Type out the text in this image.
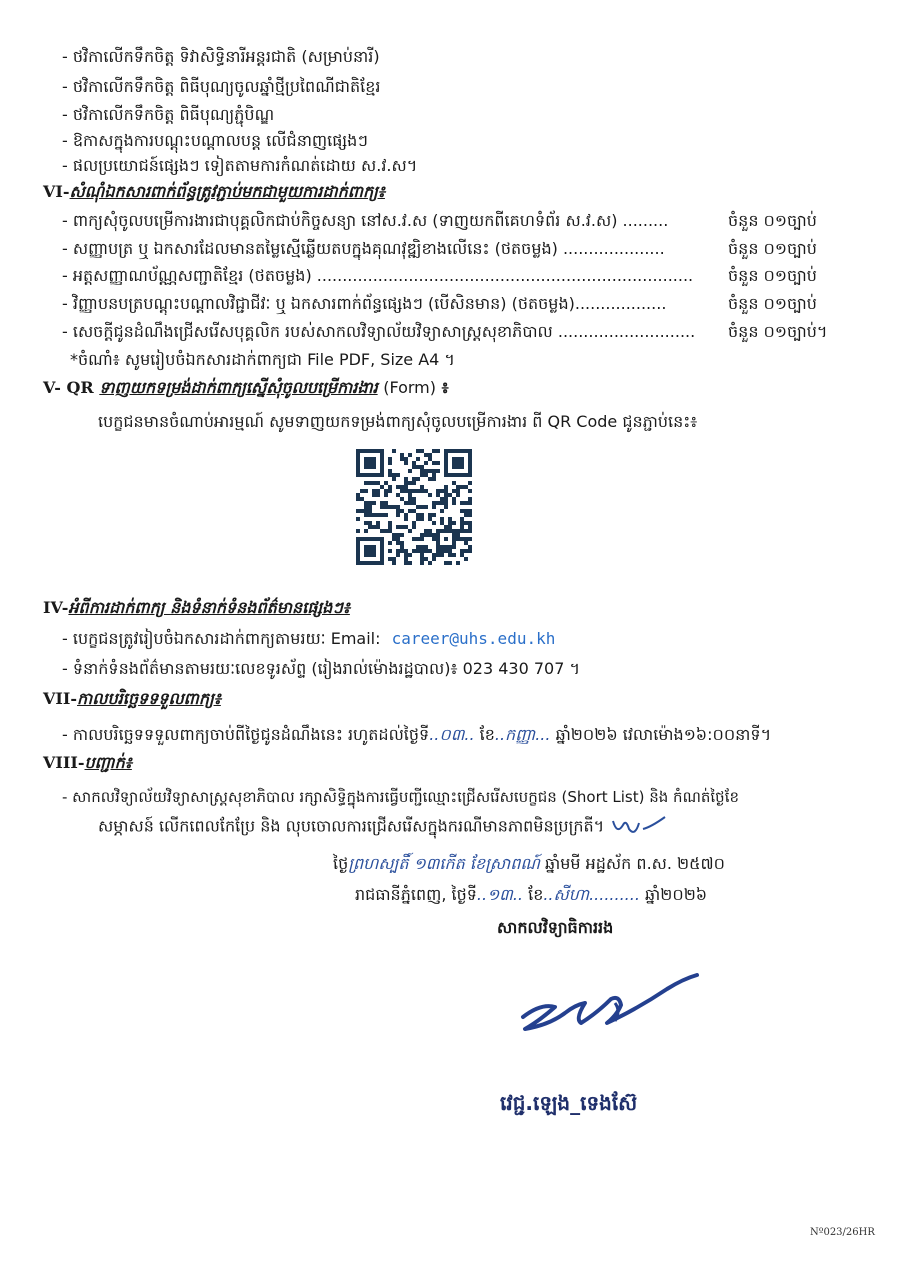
- ថវិកាលើកទឹកចិត្ត ទិវាសិទ្ធិនារីអន្តរជាតិ (សម្រាប់នារី)
- ថវិកាលើកទឹកចិត្ត ពិធីបុណ្យចូលឆ្នាំថ្មីប្រពៃណីជាតិខ្មែរ
- ថវិកាលើកទឹកចិត្ត ពិធីបុណ្យភ្ជុំបិណ្ឌ
- ឱកាសក្នុងការបណ្តុះបណ្តាលបន្ត លើជំនាញផ្សេងៗ
- ផលប្រយោជន៍ផ្សេងៗ ទៀតតាមការកំណត់ដោយ ស.វ.ស។
VI-សំណុំឯកសារពាក់ព័ន្ធត្រូវភ្ជាប់មកជាមួយការដាក់ពាក្យ៖
- ពាក្យសុំចូលបម្រើការងារជាបុគ្គលិកជាប់កិច្ចសន្យា នៅស.វ.ស (ទាញយកពីគេហទំព័រ ស.វ.ស) .........	ចំនួន ០១ច្បាប់
- សញ្ញាបត្រ ឬ ឯកសារដែលមានតម្លៃស្មើឆ្លើយតបក្នុងគុណវុឌ្ឍិខាងលើនេះ (ថតចម្លង) ....................	ចំនួន ០១ច្បាប់
- អត្តសញ្ញាណប័ណ្ណសញ្ជាតិខ្មែរ (ថតចម្លង) ..........................................................................	ចំនួន ០១ច្បាប់
- វិញ្ញាបនបត្របណ្តុះបណ្តាលវិជ្ជាជីវៈ ឬ ឯកសារពាក់ព័ន្ធផ្សេងៗ (បើសិនមាន) (ថតចម្លង)..................	ចំនួន ០១ច្បាប់
- សេចក្តីជូនដំណឹងជ្រើសរើសបុគ្គលិក របស់សាកលវិទ្យាល័យវិទ្យាសាស្ត្រសុខាភិបាល ...........................	ចំនួន ០១ច្បាប់។
*ចំណាំ៖ សូមរៀបចំឯកសារដាក់ពាក្យជា File PDF, Size A4 ។
V- QR ទាញយកទម្រង់ដាក់ពាក្យស្នើសុំចូលបម្រើការងារ (Form) ៖
បេក្ខជនមានចំណាប់អារម្មណ៍ សូមទាញយកទម្រង់ពាក្យសុំចូលបម្រើការងារ ពី QR Code ជូនភ្ជាប់នេះ៖
IV-អំពីការដាក់ពាក្យ និងទំនាក់ទំនងព័ត៌មានផ្សេងៗ៖
- បេក្ខជនត្រូវរៀបចំឯកសារដាក់ពាក្យតាមរយៈ Email: career@uhs.edu.kh
- ទំនាក់ទំនងព័ត៌មានតាមរយៈលេខទូរស័ព្ទ (រៀងរាល់ម៉ោងរដ្ឋបាល)៖ 023 430 707 ។
VII-កាលបរិច្ឆេទទទួលពាក្យ៖
- កាលបរិច្ឆេទទទួលពាក្យចាប់ពីថ្ងៃជូនដំណឹងនេះ រហូតដល់ថ្ងៃទី..០៣.. ខែ..កញ្ញា... ឆ្នាំ២០២៦ វេលាម៉ោង១៦:០០នាទី។
VIII-បញ្ជាក់៖
- សាកលវិទ្យាល័យវិទ្យាសាស្ត្រសុខាភិបាល រក្សាសិទ្ធិក្នុងការធ្វើបញ្ជីឈ្មោះជ្រើសរើសបេក្ខជន (Short List) និង កំណត់ថ្ងៃខែ
សម្ភាសន៍ លើកពេលកែប្រែ និង លុបចោលការជ្រើសរើសក្នុងករណីមានភាពមិនប្រក្រតី។
ថ្ងៃព្រហស្បតិ៍ ១៣កើត ខែស្រាពណ៍ ឆ្នាំមមី អដ្ឋស័ក ព.ស. ២៥៧០
រាជធានីភ្នំពេញ, ថ្ងៃទី..១៣.. ខែ..សីហា.......... ឆ្នាំ២០២៦
សាកលវិទ្យាធិការរង
វេជ្ជ.ឡេង_ទេងស៊ែ
Nº023/26HR
